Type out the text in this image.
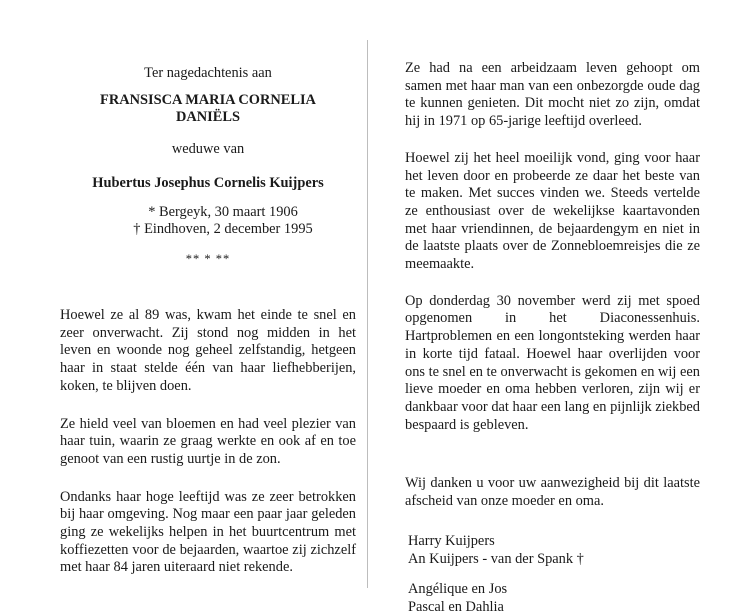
Ter nagedachtenis aan
FRANSISCA MARIA CORNELIA
DANIËLS
weduwe van
Hubertus Josephus Cornelis Kuijpers
* Bergeyk, 30 maart 1906
† Eindhoven, 2 december 1995
** * **

Hoewel ze al 89 was, kwam het einde te snel en zeer onverwacht. Zij stond nog midden in het leven en woonde nog geheel zelfstandig, hetgeen haar in staat stelde één van haar liefhebberijen, koken, te blijven doen.

Ze hield veel van bloemen en had veel plezier van haar tuin, waarin ze graag werkte en ook af en toe genoot van een rustig uurtje in de zon.

Ondanks haar hoge leeftijd was ze zeer betrokken bij haar omgeving. Nog maar een paar jaar geleden ging ze wekelijks helpen in het buurtcentrum met koffiezetten voor de bejaarden, waartoe zij zichzelf met haar 84 jaren uiteraard niet rekende.

Ze had na een arbeidzaam leven gehoopt om samen met haar man van een onbezorgde oude dag te kunnen genieten. Dit mocht niet zo zijn, omdat hij in 1971 op 65-jarige leeftijd overleed.

Hoewel zij het heel moeilijk vond, ging voor haar het leven door en probeerde ze daar het beste van te maken. Met succes vinden we. Steeds vertelde ze enthousiast over de wekelijkse kaartavonden met haar vriendinnen, de bejaardengym en niet in de laatste plaats over de Zonnebloemreisjes die ze meemaakte.

Op donderdag 30 november werd zij met spoed opgenomen in het Diaconessenhuis. Hartproblemen en een longontsteking werden haar in korte tijd fataal. Hoewel haar overlijden voor ons te snel en te onverwacht is gekomen en wij een lieve moeder en oma hebben verloren, zijn wij er dankbaar voor dat haar een lang en pijnlijk ziekbed bespaard is gebleven.

Wij danken u voor uw aanwezigheid bij dit laatste afscheid van onze moeder en oma.

Harry Kuijpers
An Kuijpers - van der Spank †
Angélique en Jos
Pascal en Dahlia
